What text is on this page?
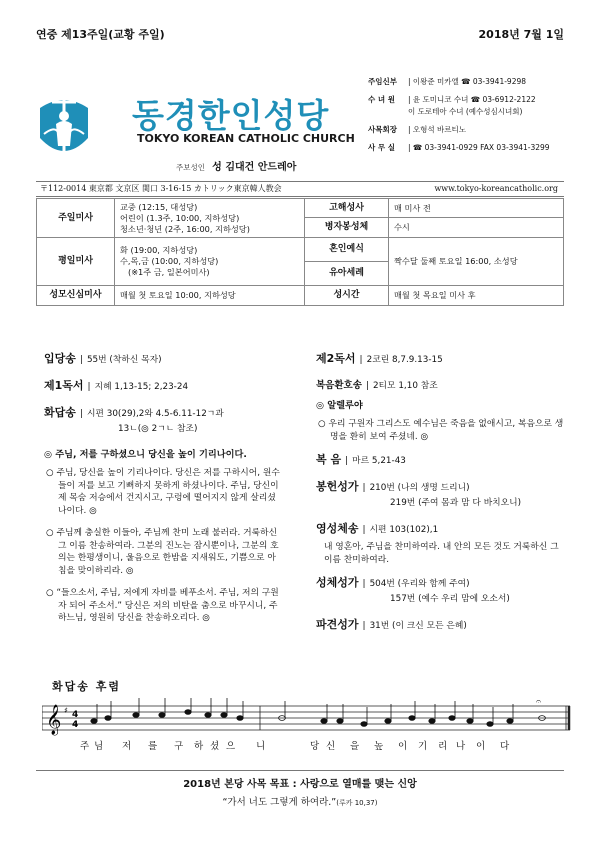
연중 제13주일(교황 주일)	2018년 7월 1일
동경한인성당
TOKYO KOREAN CATHOLIC CHURCH
주보성인 성 김대건 안드레아
주임신부	| 이왕준 미카엘 ☎ 03-3941-9298
수 녀 원	| 윤 도미니코 수녀 ☎ 03-6912-2122
이 도로테아 수녀 (예수성심시녀회)
사목회장	| 오형석 바르티노
사 무 실	| ☎ 03-3941-0929 FAX 03-3941-3299
〒112-0014 東京都 文京区 関口 3-16-15 カトリック東京韓人教会	www.tokyo-koreancatholic.org
주일미사	교중 (12:15, 대성당)
어린이 (1.3주, 10:00, 지하성당)
청소년·청년 (2주, 16:00, 지하성당)	고해성사	매 미사 전

		병자봉성체	수시
평일미사	화 (19:00, 지하성당)
수,목,금 (10:00, 지하성당)
(※1주 금, 일본어미사)	혼인예식	짝수달 둘째 토요일 16:00, 소성당
		유아세례	
성모신심미사	매월 첫 토요일 10:00, 지하성당	성시간	매월 첫 목요일 미사 후
입당송 | 55번 (착하신 목자)
제1독서 | 지혜 1,13-15; 2,23-24
화답송 | 시편 30(29),2와 4.5-6.11-12ㄱ과
13ㄴ(◎ 2ㄱㄴ 참조)
◎ 주님, 저를 구하셨으니 당신을 높이 기리나이다.
○ 주님, 당신을 높이 기리나이다. 당신은 저를 구하시어, 원수들이 저를 보고 기뻐하지 못하게 하셨나이다. 주님, 당신이 제 목숨 저승에서 건지시고, 구렁에 떨어지지 않게 살리셨나이다. ◎
○ 주님께 충실한 이들아, 주님께 찬미 노래 불러라. 거룩하신 그 이름 찬송하여라. 그분의 진노는 잠시뿐이나, 그분의 호의는 한평생이니, 울음으로 한밤을 지새워도, 기쁨으로 아침을 맞이하리라. ◎
○ “들으소서, 주님, 저에게 자비를 베푸소서. 주님, 저의 구원자 되어 주소서.” 당신은 저의 비탄을 춤으로 바꾸시니, 주 하느님, 영원히 당신을 찬송하오리다. ◎
제2독서 | 2코린 8,7.9.13-15
복음환호송 | 2티모 1,10 참조
◎ 알렐루야
○ 우리 구원자 그리스도 예수님은 죽음을 없애시고, 복음으로 생명을 환히 보여 주셨네. ◎
복 음 | 마르 5,21-43
봉헌성가 | 210번 (나의 생명 드리니)
219번 (주여 몸과 맘 다 바치오니)
영성체송 | 시편 103(102),1
내 영혼아, 주님을 찬미하여라. 내 안의 모든 것도 거룩하신 그 이름 찬미하여라.
성체성가 | 504번 (우리와 함께 주여)
157번 (예수 우리 맘에 오소서)
파견성가 | 31번 (이 크신 모든 은혜)
화답송 후렴
𝄞 ♯ 4
4
𝄐
주 님 저 를 구 하 셨 으 니	당 신 을 높 이 기 리 나 이 다
2018년 본당 사목 목표 : 사랑으로 열매를 맺는 신앙
“가서 너도 그렇게 하여라.”(루카 10,37)
